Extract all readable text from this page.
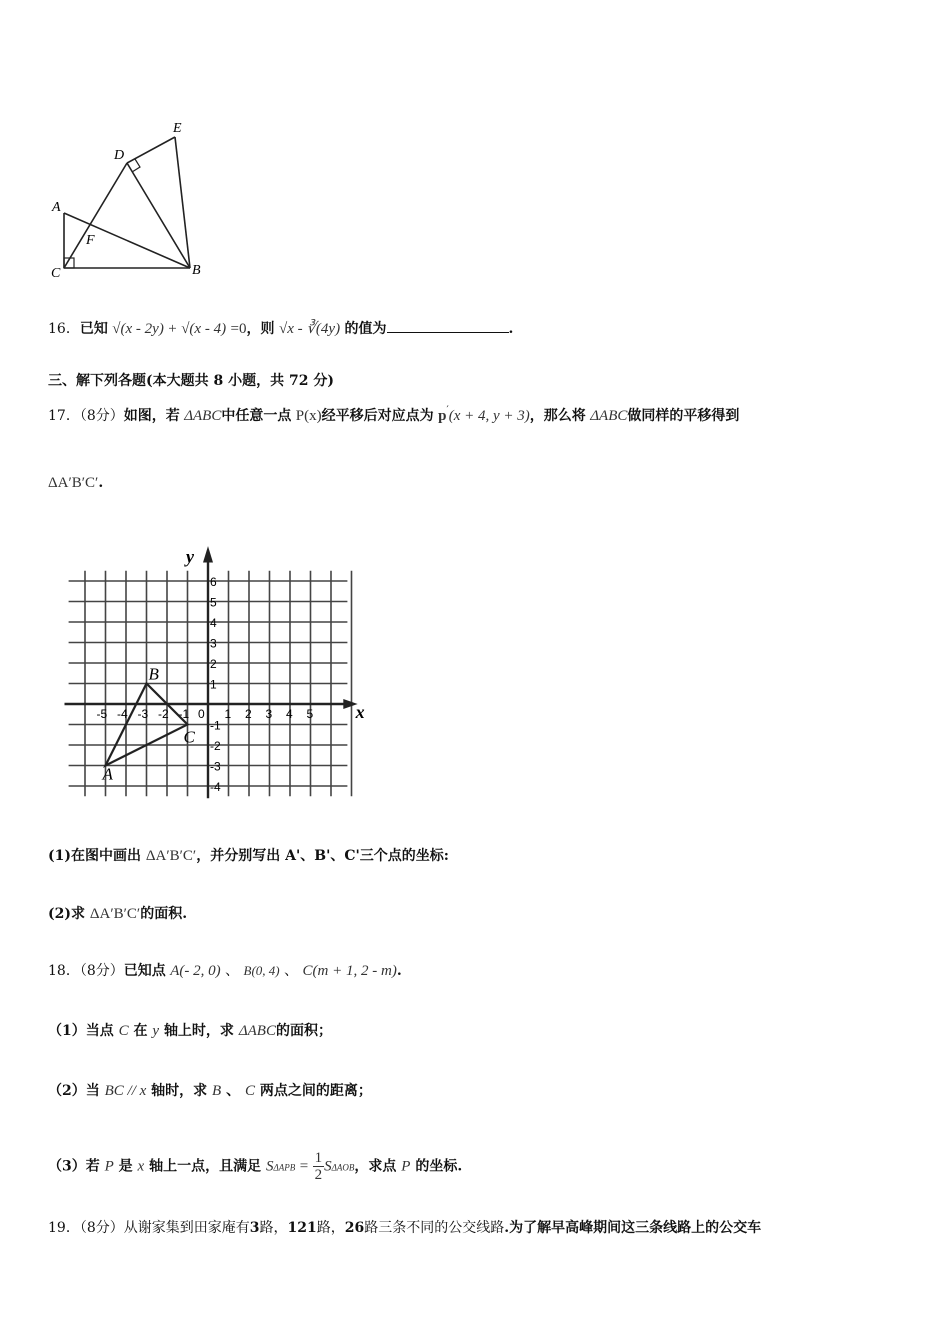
E
D
A
F
C	B
16．已知 √(x - 2y) + √(x - 4) =0，则 √x - ∛(4y) 的值为	.
三、解下列各题(本大题共 8 小题，共 72 分)
17．（8分）如图，若 ΔABC中任意一点 P(x)经平移后对应点为 p′(x + 4, y + 3)，那么将 ΔABC做同样的平移得到
ΔA′B′C′.
x
y
-5 -4 -3 -2 -1 0 1 2 3 4 5
6
5
4
3
2
1
-1
-2
-3
-4
A
B
C
(1)在图中画出 ΔA′B′C′，并分别写出 A'、B'、C'三个点的坐标:
(2)求 ΔA′B′C′的面积.
18．（8分）已知点 A(- 2, 0) 、 B(0, 4) 、 C(m + 1, 2 - m).
（1）当点 C 在 y 轴上时，求 ΔABC的面积；
（2）当 BC // x 轴时，求 B 、 C 两点之间的距离；
（3）若 P 是 x 轴上一点，且满足 $S\Delta APB = \frac{1}{2}$ SΔAOB，求点 P 的坐标.
19．（8分）从谢家集到田家庵有3路，121路，26路三条不同的公交线路.为了解早高峰期间这三条线路上的公交车
